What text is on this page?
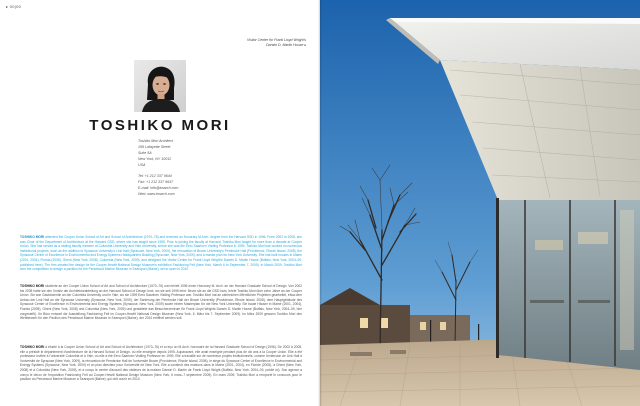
▸ 00|00
Visitor Center for Frank Lloyd Wright's
Darwin D. Martin House ▸
TOSHIKO MORI
Toshiko Mori Architect
199 Lafayette Street
Suite 5A
New York, NY 10012
USA

Tel: +1 212 337 9644
Fax: +1 212 337 9647
E-mail: info@tmarch.com
Web: www.tmarch.com
TOSHIKO MORI attended the Cooper Union School of Art and School of Architecture (1970–76) and received an Honorary M.Arch. degree from the Harvard GSD in 1996. From 2002 to 2008, she was Chair of the Department of Architecture at the Harvard GSD, where she has taught since 1995. Prior to joining the faculty at Harvard, Toshiko Mori taught for more than a decade at Cooper Union. She has served as a visiting faculty member at Columbia University and Yale University, where she was the Eero Saarinen Visiting Professor in 1999. Toshiko Mori has worked on numerous institutional projects, such as the addition to Syracuse University's Link Hall (Syracuse, New York, 2009), the renovation of Brown University's Pembroke Hall (Providence, Rhode Island, 2008), the Syracuse Center of Excellence in Environmental and Energy Systems Headquarters Building (Syracuse, New York, 2009), and a master plan for New York University. She has built houses in Maine (2001, 2004), Florida (2005), Ghent (New York, 2008), Columbia (New York, 2009), and designed the Visitor Center for Frank Lloyd Wright's Darwin D. Martin House (Buffalo, New York, 2004–09, published here). The firm created the design for the Cooper-Hewitt National Design Museum's exhibition Fashioning Felt (New York, March 6 to September 7, 2009). In March 2009, Toshiko Mori won the competition to design a pavilion for the Penobscot Marine Museum in Searsport (Maine), set to open in 2010.
TOSHIKO MORI studierte an der Cooper Union School of Art and School of Architecture (1970–76) und erhielt 1996 einen Honorary M. Arch. an der Harvard Graduate School of Design. Von 2002 bis 2008 hatte sie den Vorsitz der Architekturabteilung an der Harvard School of Design inne, wo sie seit 1995 lehrt. Bevor sie an die GSD kam, lehrte Toshiko Mori über zehn Jahre an der Cooper Union. Sie war Gastdozentin an der Columbia University und in Yale, wo sie 1999 Eero Saarinen Visiting Professor war. Toshiko Mori hat an zahlreichen öffentlichen Projekten gearbeitet, etwa dem Anbau der Link Hall an der Syracuse University (Syracuse, New York, 2009), der Sanierung der Pembroke Hall der Brown University (Providence, Rhode Island, 2008), dem Hauptgebäude des Syracuse Center of Excellence in Environmental and Energy Systems (Syracuse, New York, 2009) sowie einem Masterplan für die New York University. Sie baute Häuser in Maine (2001, 2004), Florida (2005), Ghent (New York, 2008) und Columbia (New York, 2009) und gestaltete das Besucherzentrum für Frank Lloyd Wrights Darwin D. Martin House (Buffalo, New York, 2004–09, hier vorgestellt). Ihr Büro entwarf die Ausstellung Fashioning Felt im Cooper-Hewitt National Design Museum (New York, 6. März bis 7. September 2009). Im März 2009 gewann Toshiko Mori den Wettbewerb für den Pavillon des Penobscot Marine Museum in Searsport (Maine), der 2010 eröffnet werden soll.
TOSHIKO MORI a étudié à la Cooper Union School of Art and School of Architecture (1970–76) et a reçu un M.Arch. honoraire de la Harvard Graduate School of Design (1996). De 2002 à 2008, elle a présidé le département d'architecture de la Harvard School of Design, où elle enseigne depuis 1995. Auparavant, elle avait enseigné pendant plus de dix ans à la Cooper Union. Elle a été professeur invitée à l'université Columbia et à Yale, où elle a été Eero Saarinen Visiting Professor en 1999. Elle a travaillé sur de nombreux projets institutionnels, comme l'extension de Link Hall à l'université de Syracuse (New York, 2009), la rénovation de Pembroke Hall de l'université Brown (Providence, Rhode Island, 2008), le siège du Syracuse Center of Excellence in Environmental and Energy Systems (Syracuse, New York, 2009) et un plan directeur pour l'université de New York. Elle a construit des maisons dans le Maine (2001, 2004), en Floride (2005), à Ghent (New York, 2008) et à Columbia (New York, 2009), et a conçu le centre d'accueil des visiteurs de la maison Darwin D. Martin de Frank Lloyd Wright (Buffalo, New York, 2004–09, publié ici). Son agence a conçu le décor de l'exposition Fashioning Felt au Cooper-Hewitt National Design Museum (New York, 6 mars–7 septembre 2009). En mars 2009, Toshiko Mori a remporté le concours pour le pavillon du Penobscot Marine Museum à Searsport (Maine), qui doit ouvrir en 2010.
